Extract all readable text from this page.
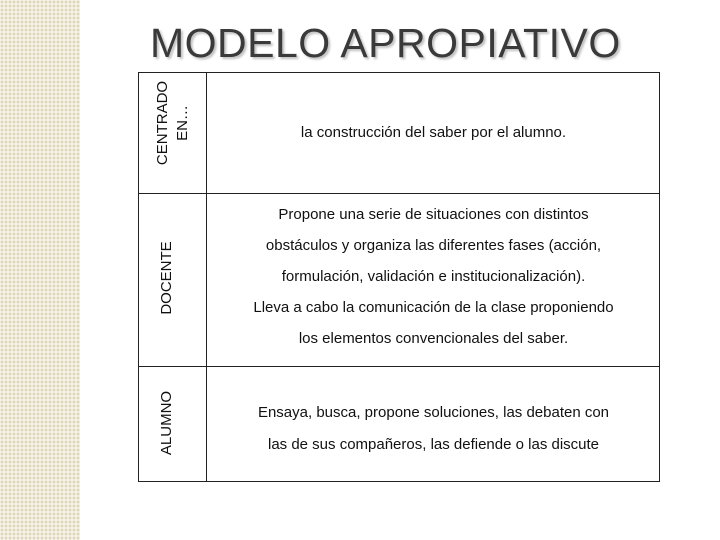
MODELO APROPIATIVO
CENTRADO EN…	la construcción del saber por el alumno.
DOCENTE
Propone una serie de situaciones con distintos
obstáculos y organiza las diferentes fases (acción,
formulación, validación e institucionalización).
Lleva a cabo la comunicación de la clase proponiendo
los elementos convencionales del saber.
ALUMNO	Ensaya, busca, propone soluciones, las debaten con
las de sus compañeros, las defiende o las discute
